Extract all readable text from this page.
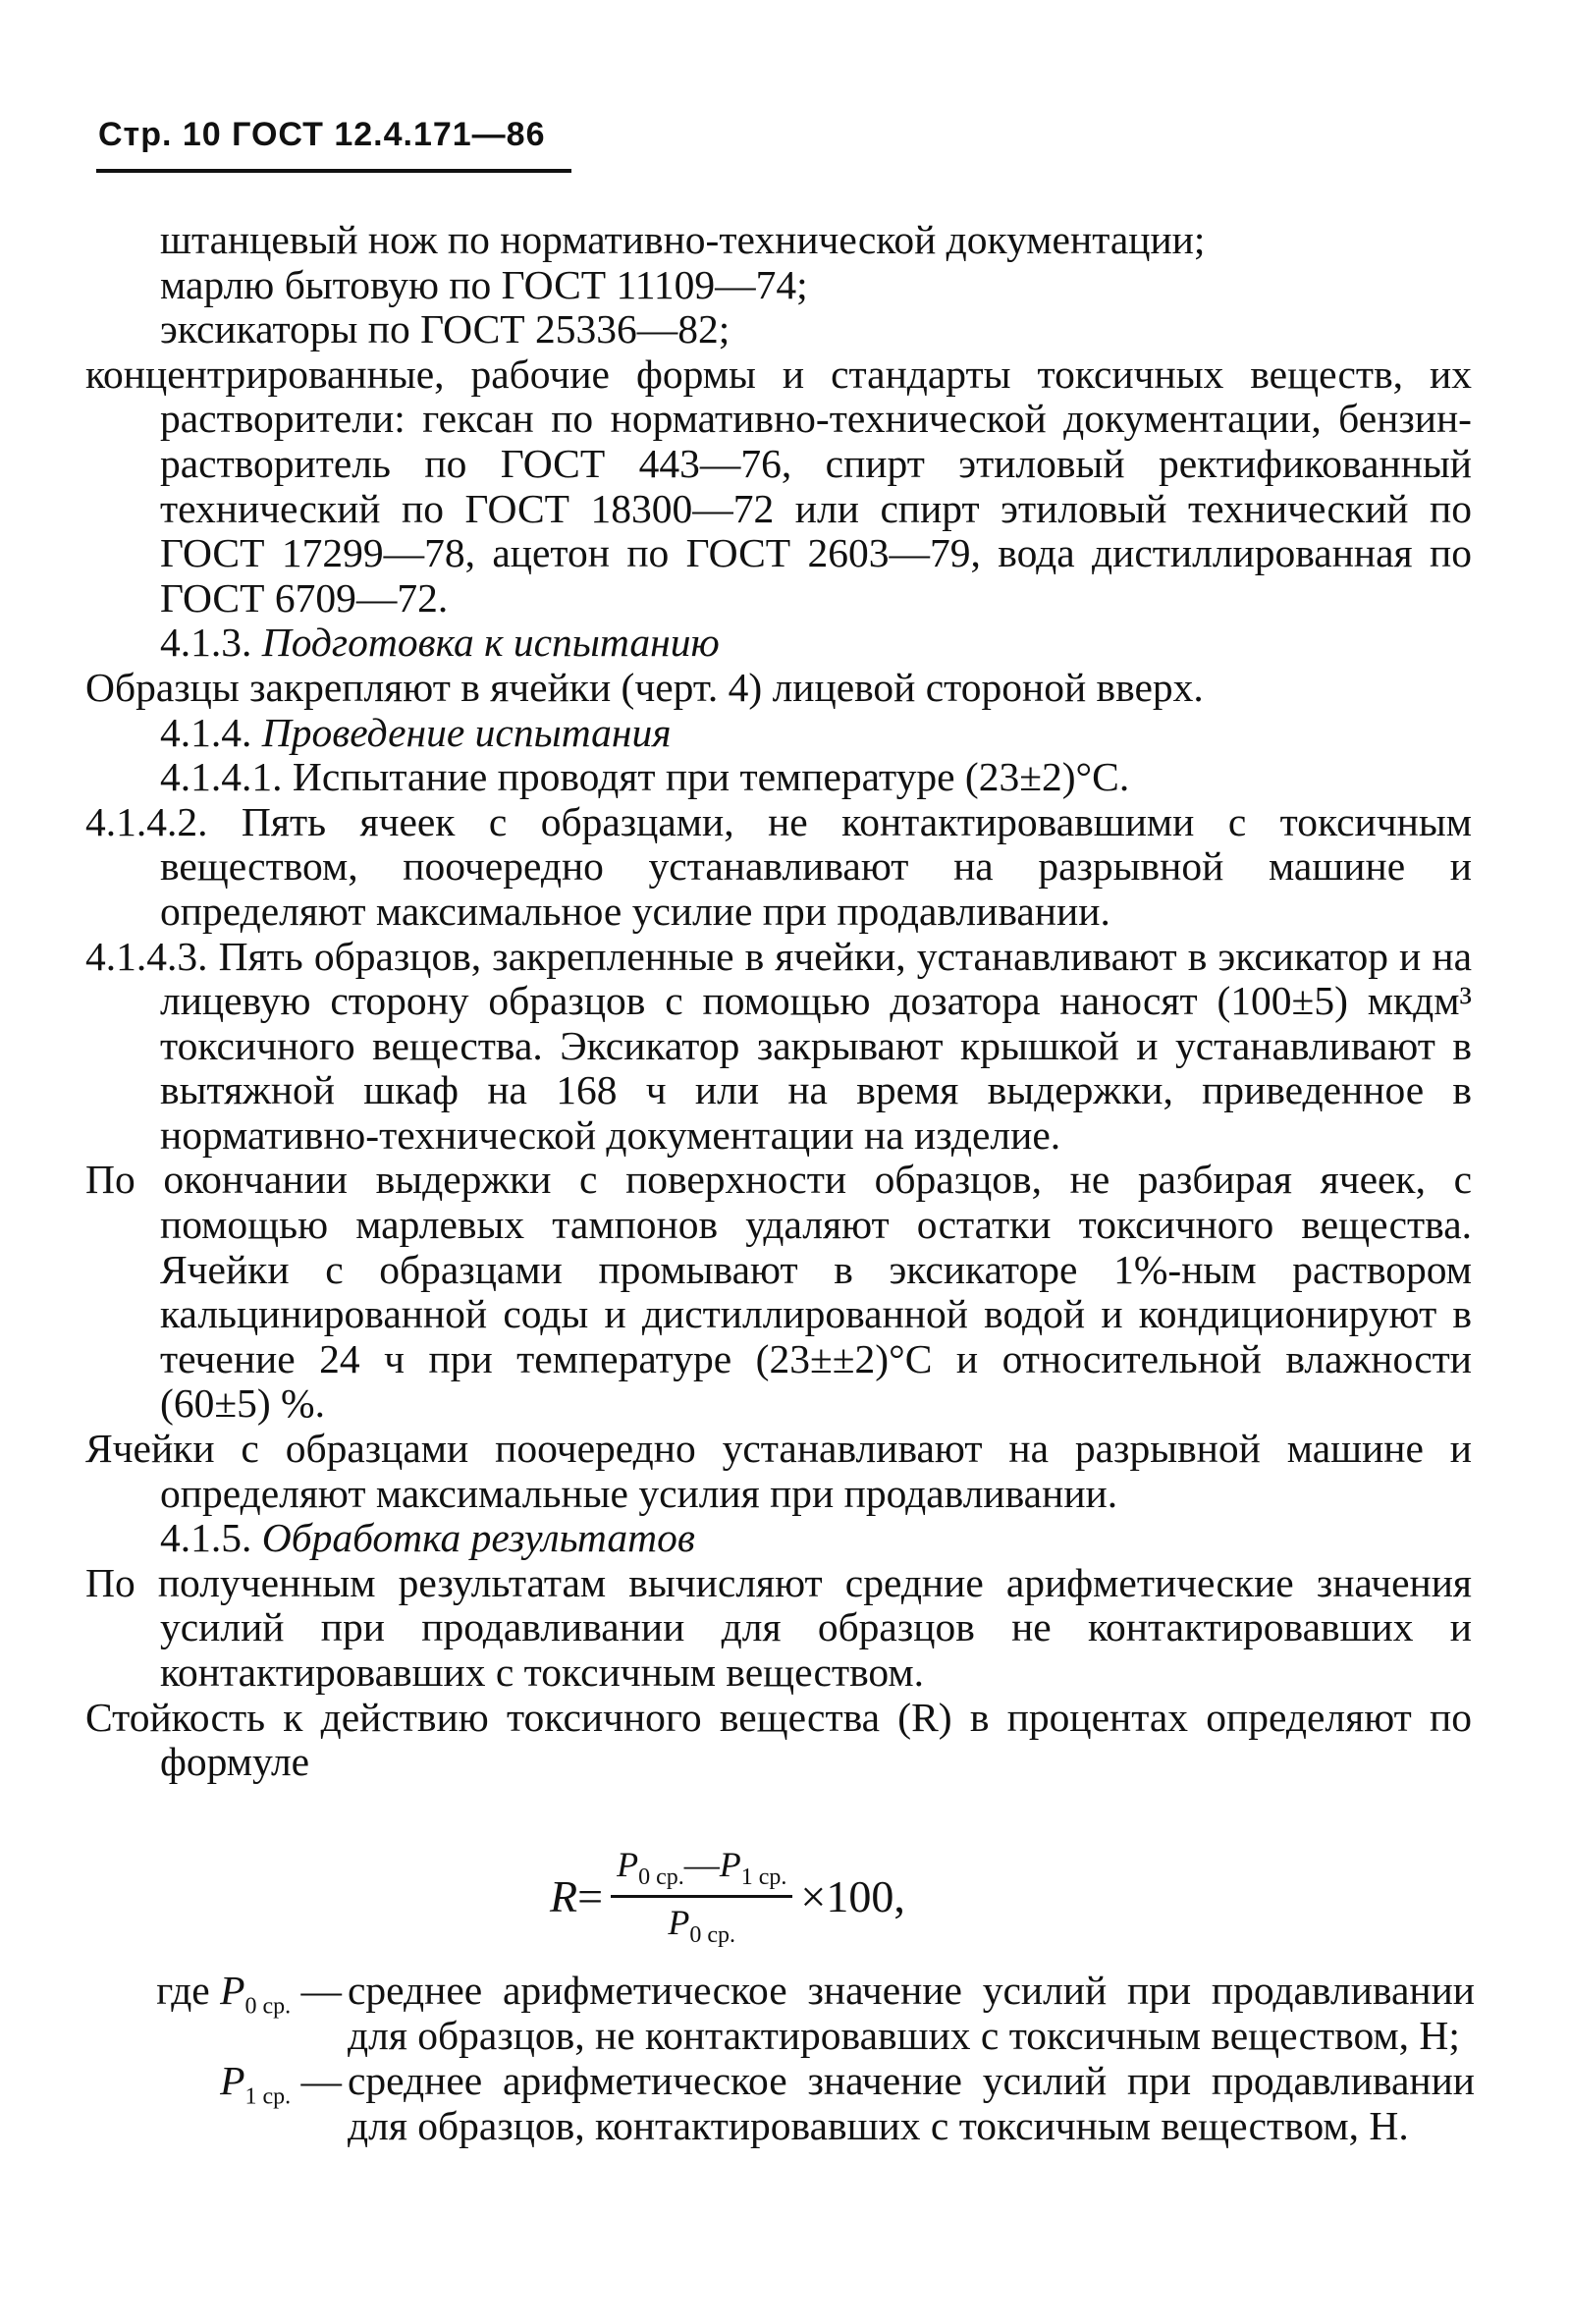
Стр. 10 ГОСТ 12.4.171—86

штанцевый нож по нормативно-технической документации;

марлю бытовую по ГОСТ 11109—74;

эксикаторы по ГОСТ 25336—82;

концентрированные, рабочие формы и стандарты токсичных веществ, их растворители: гексан по нормативно-технической документации, бензин-растворитель по ГОСТ 443—76, спирт этиловый ректификованный технический по ГОСТ 18300—72 или спирт этиловый технический по ГОСТ 17299—78, ацетон по ГОСТ 2603—79, вода дистиллированная по ГОСТ 6709—72.

4.1.3. Подготовка к испытанию

Образцы закрепляют в ячейки (черт. 4) лицевой стороной вверх.

4.1.4. Проведение испытания

4.1.4.1. Испытание проводят при температуре (23±2)°С.

4.1.4.2. Пять ячеек с образцами, не контактировавшими с токсичным веществом, поочередно устанавливают на разрывной машине и определяют максимальное усилие при продавливании.

4.1.4.3. Пять образцов, закрепленные в ячейки, устанавливают в эксикатор и на лицевую сторону образцов с помощью дозатора наносят (100±5) мкдм³ токсичного вещества. Эксикатор закрывают крышкой и устанавливают в вытяжной шкаф на 168 ч или на время выдержки, приведенное в нормативно-технической документации на изделие.

По окончании выдержки с поверхности образцов, не разбирая ячеек, с помощью марлевых тампонов удаляют остатки токсичного вещества. Ячейки с образцами промывают в эксикаторе 1%-ным раствором кальцинированной соды и дистиллированной водой и кондиционируют в течение 24 ч при температуре (23±±2)°С и относительной влажности (60±5) %.

Ячейки с образцами поочередно устанавливают на разрывной машине и определяют максимальные усилия при продавливании.

4.1.5. Обработка результатов

По полученным результатам вычисляют средние арифметические значения усилий при продавливании для образцов не контактировавших и контактировавших с токсичным веществом.

Стойкость к действию токсичного вещества (R) в процентах определяют по формуле

$R = \frac{P_{0 ср.}—P_{1 ср.}}{P_{0 ср.}} \times 100$,
где $P_{0 ср.}$ — среднее арифметическое значение усилий при продавливании для образцов, не контактировавших с токсичным веществом, Н;
$P_{1 ср.}$ — среднее арифметическое значение усилий при продавливании для образцов, контактировавших с токсичным веществом, Н.
